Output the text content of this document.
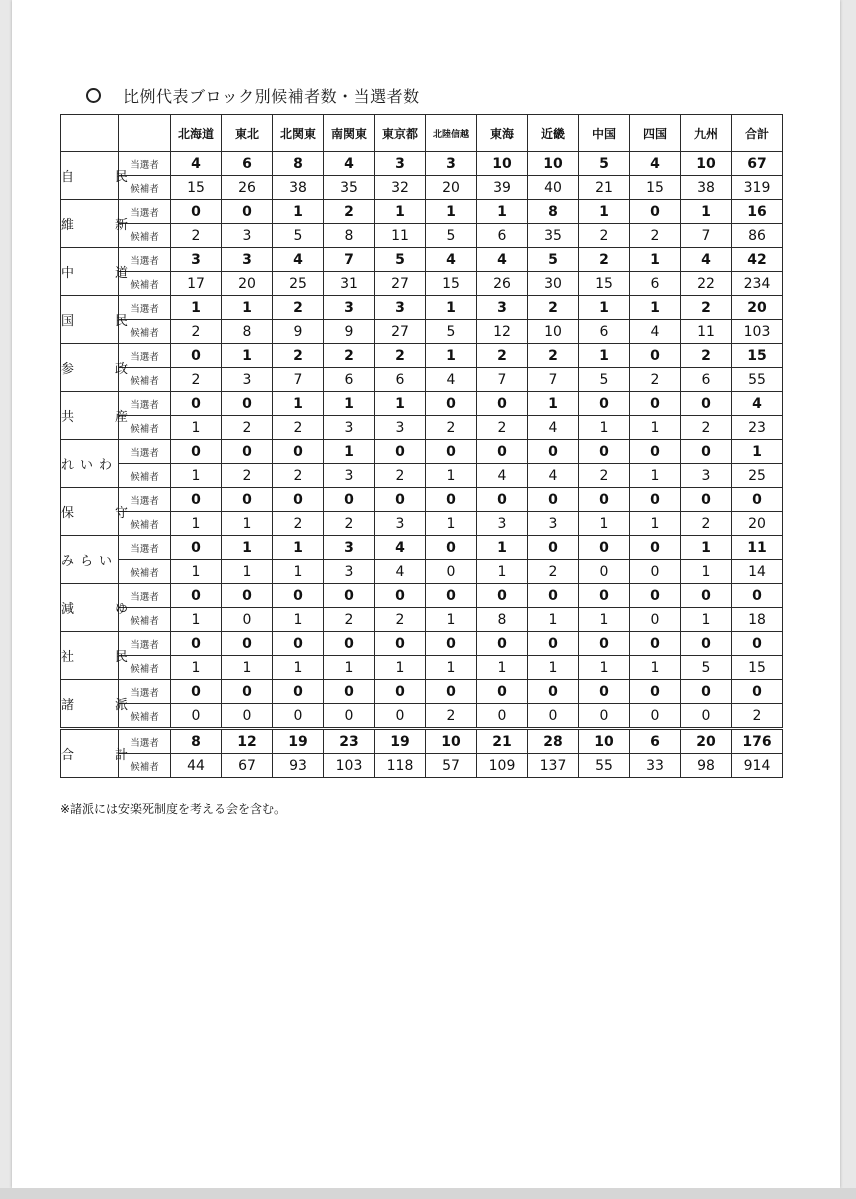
比例代表ブロック別候補者数・当選者数
		北海道	東北	北関東	南関東	東京都	北陸信越	東海	近畿	中国	四国	九州	合計
自　民	当選者	4	6	8	4	3	3	10	10	5	4	10	67
	候補者	15	26	38	35	32	20	39	40	21	15	38	319
維　新	当選者	0	0	1	2	1	1	1	8	1	0	1	16
	候補者	2	3	5	8	11	5	6	35	2	2	7	86
中　道	当選者	3	3	4	7	5	4	4	5	2	1	4	42
	候補者	17	20	25	31	27	15	26	30	15	6	22	234
国　民	当選者	1	1	2	3	3	1	3	2	1	1	2	20
	候補者	2	8	9	9	27	5	12	10	6	4	11	103
参　政	当選者	0	1	2	2	2	1	2	2	1	0	2	15
	候補者	2	3	7	6	6	4	7	7	5	2	6	55
共　産	当選者	0	0	1	1	1	0	0	1	0	0	0	4
	候補者	1	2	2	3	3	2	2	4	1	1	2	23
れいわ	当選者	0	0	0	1	0	0	0	0	0	0	0	1
	候補者	1	2	2	3	2	1	4	4	2	1	3	25
保　守	当選者	0	0	0	0	0	0	0	0	0	0	0	0
	候補者	1	1	2	2	3	1	3	3	1	1	2	20
みらい	当選者	0	1	1	3	4	0	1	0	0	0	1	11
	候補者	1	1	1	3	4	0	1	2	0	0	1	14
減　ゆ	当選者	0	0	0	0	0	0	0	0	0	0	0	0
	候補者	1	0	1	2	2	1	8	1	1	0	1	18
社　民	当選者	0	0	0	0	0	0	0	0	0	0	0	0
	候補者	1	1	1	1	1	1	1	1	1	1	5	15
諸　派	当選者	0	0	0	0	0	0	0	0	0	0	0	0
	候補者	0	0	0	0	0	2	0	0	0	0	0	2
合　計	当選者	8	12	19	23	19	10	21	28	10	6	20	176
	候補者	44	67	93	103	118	57	109	137	55	33	98	914
※諸派には安楽死制度を考える会を含む。
